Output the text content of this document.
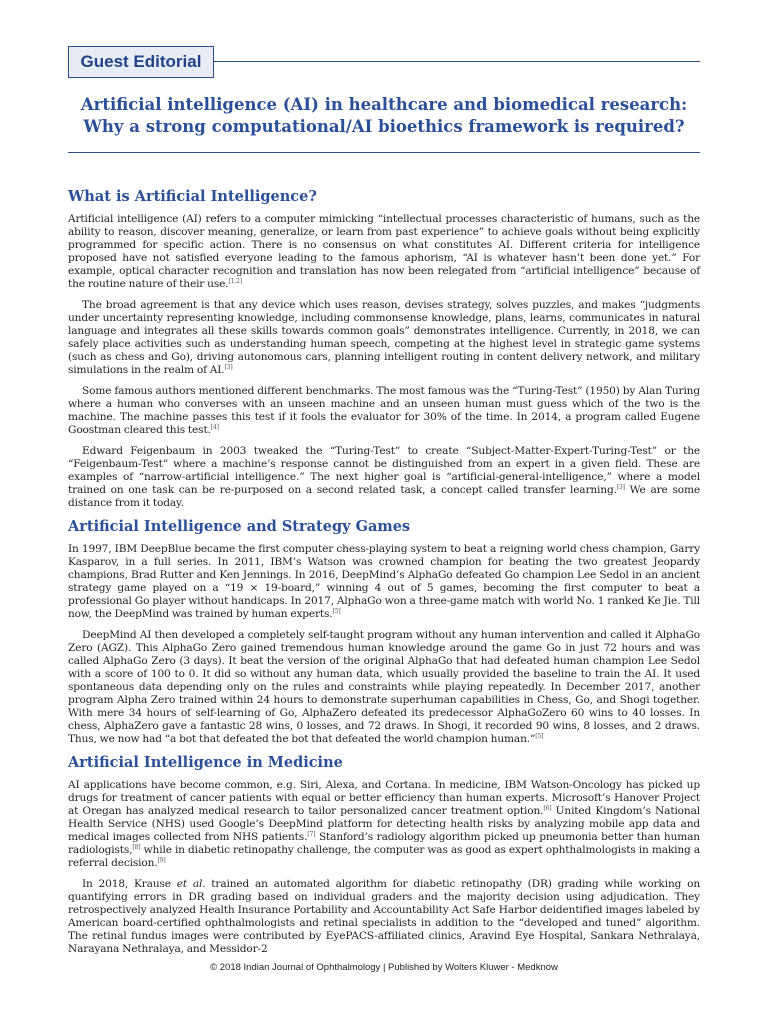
Guest Editorial
Artificial intelligence (AI) in healthcare and biomedical research: Why a strong computational/AI bioethics framework is required?
What is Artificial Intelligence?

Artificial intelligence (AI) refers to a computer mimicking “intellectual processes characteristic of humans, such as the ability to reason, discover meaning, generalize, or learn from past experience” to achieve goals without being explicitly programmed for specific action. There is no consensus on what constitutes AI. Different criteria for intelligence proposed have not satisfied everyone leading to the famous aphorism, “AI is whatever hasn’t been done yet.” For example, optical character recognition and translation has now been relegated from “artificial intelligence” because of the routine nature of their use.[1,2]

The broad agreement is that any device which uses reason, devises strategy, solves puzzles, and makes “judgments under uncertainty representing knowledge, including commonsense knowledge, plans, learns, communicates in natural language and integrates all these skills towards common goals” demonstrates intelligence. Currently, in 2018, we can safely place activities such as understanding human speech, competing at the highest level in strategic game systems (such as chess and Go), driving autonomous cars, planning intelligent routing in content delivery network, and military simulations in the realm of AI.[3]

Some famous authors mentioned different benchmarks. The most famous was the “Turing-Test” (1950) by Alan Turing where a human who converses with an unseen machine and an unseen human must guess which of the two is the machine. The machine passes this test if it fools the evaluator for 30% of the time. In 2014, a program called Eugene Goostman cleared this test.[4]

Edward Feigenbaum in 2003 tweaked the “Turing-Test” to create “Subject-Matter-Expert-Turing-Test” or the “Feigenbaum-Test” where a machine’s response cannot be distinguished from an expert in a given field. These are examples of “narrow-artificial intelligence.” The next higher goal is “artificial-general-intelligence,” where a model trained on one task can be re-purposed on a second related task, a concept called transfer learning.[3] We are some distance from it today.

Artificial Intelligence and Strategy Games

In 1997, IBM DeepBlue became the first computer chess-playing system to beat a reigning world chess champion, Garry Kasparov, in a full series. In 2011, IBM’s Watson was crowned champion for beating the two greatest Jeopardy champions, Brad Rutter and Ken Jennings. In 2016, DeepMind’s AlphaGo defeated Go champion Lee Sedol in an ancient strategy game played on a “19 × 19-board,” winning 4 out of 5 games, becoming the first computer to beat a professional Go player without handicaps. In 2017, AlphaGo won a three-game match with world No. 1 ranked Ke Jie. Till now, the DeepMind was trained by human experts.[5]

DeepMind AI then developed a completely self-taught program without any human intervention and called it AlphaGo Zero (AGZ). This AlphaGo Zero gained tremendous human knowledge around the game Go in just 72 hours and was called AlphaGo Zero (3 days). It beat the version of the original AlphaGo that had defeated human champion Lee Sedol with a score of 100 to 0. It did so without any human data, which usually provided the baseline to train the AI. It used spontaneous data depending only on the rules and constraints while playing repeatedly. In December 2017, another program Alpha Zero trained within 24 hours to demonstrate superhuman capabilities in Chess, Go, and Shogi together. With mere 34 hours of self-learning of Go, AlphaZero defeated its predecessor AlphaGoZero 60 wins to 40 losses. In chess, AlphaZero gave a fantastic 28 wins, 0 losses, and 72 draws. In Shogi, it recorded 90 wins, 8 losses, and 2 draws. Thus, we now had “a bot that defeated the bot that defeated the world champion human.”[5]

Artificial Intelligence in Medicine

AI applications have become common, e.g. Siri, Alexa, and Cortana. In medicine, IBM Watson-Oncology has picked up drugs for treatment of cancer patients with equal or better efficiency than human experts. Microsoft’s Hanover Project at Oregan has analyzed medical research to tailor personalized cancer treatment option.[6] United Kingdom’s National Health Service (NHS) used Google’s DeepMind platform for detecting health risks by analyzing mobile app data and medical images collected from NHS patients.[7] Stanford’s radiology algorithm picked up pneumonia better than human radiologists,[8] while in diabetic retinopathy challenge, the computer was as good as expert ophthalmologists in making a referral decision.[9]

In 2018, Krause et al. trained an automated algorithm for diabetic retinopathy (DR) grading while working on quantifying errors in DR grading based on individual graders and the majority decision using adjudication. They retrospectively analyzed Health Insurance Portability and Accountability Act Safe Harbor deidentified images labeled by American board-certified ophthalmologists and retinal specialists in addition to the “developed and tuned” algorithm. The retinal fundus images were contributed by EyePACS-affiliated clinics, Aravind Eye Hospital, Sankara Nethralaya, Narayana Nethralaya, and Messidor-2

© 2018 Indian Journal of Ophthalmology | Published by Wolters Kluwer - Medknow
